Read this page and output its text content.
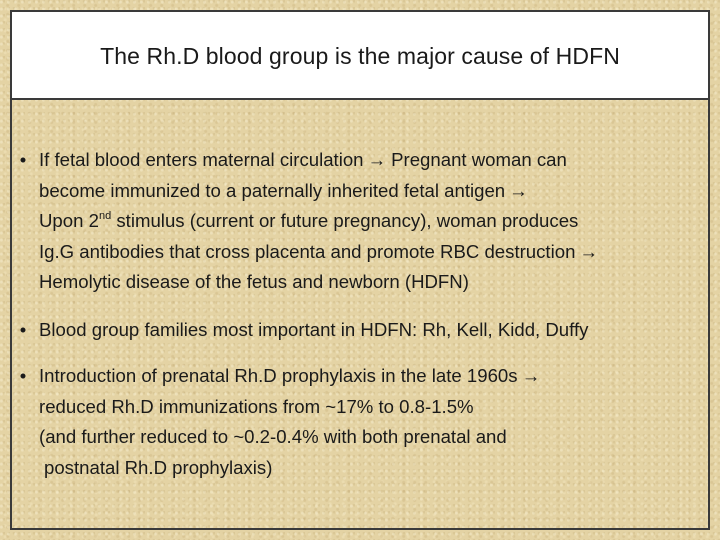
The Rh.D blood group is the major cause of HDFN
• If fetal blood enters maternal circulation → Pregnant woman can
become immunized to a paternally inherited fetal antigen →
Upon 2nd stimulus (current or future pregnancy), woman produces
Ig.G antibodies that cross placenta and promote RBC destruction →
Hemolytic disease of the fetus and newborn (HDFN)
• Blood group families most important in HDFN: Rh, Kell, Kidd, Duffy
• Introduction of prenatal Rh.D prophylaxis in the late 1960s →
reduced Rh.D immunizations from ~17% to 0.8-1.5%
(and further reduced to ~0.2-0.4% with both prenatal and
postnatal Rh.D prophylaxis)
